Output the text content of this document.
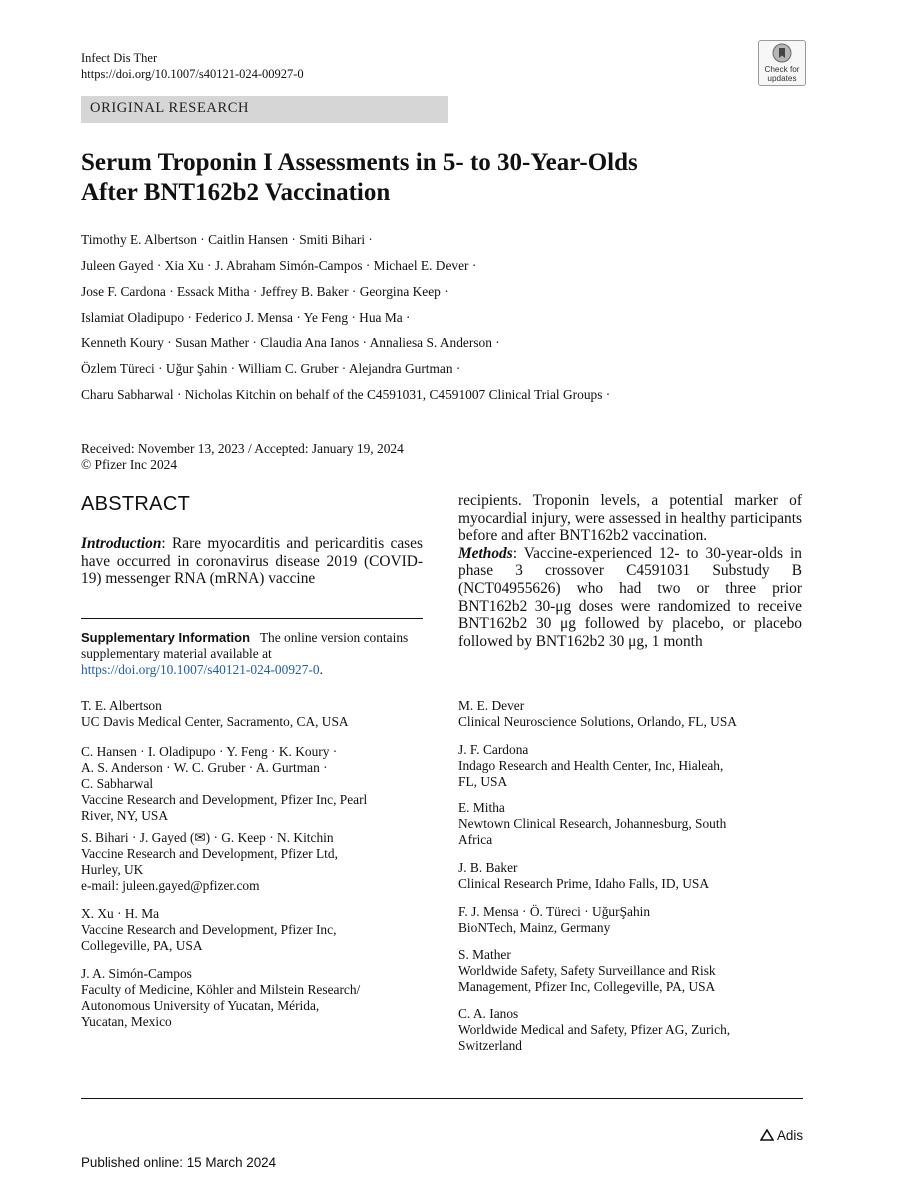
Infect Dis Ther
https://doi.org/10.1007/s40121-024-00927-0	Check for
updates
ORIGINAL RESEARCH
Serum Troponin I Assessments in 5- to 30-Year-Olds
After BNT162b2 Vaccination
Timothy E. Albertson · Caitlin Hansen · Smiti Bihari ·
Juleen Gayed · Xia Xu · J. Abraham Simón-Campos · Michael E. Dever ·
Jose F. Cardona · Essack Mitha · Jeffrey B. Baker · Georgina Keep ·
Islamiat Oladipupo · Federico J. Mensa · Ye Feng · Hua Ma ·
Kenneth Koury · Susan Mather · Claudia Ana Ianos · Annaliesa S. Anderson ·
Özlem Türeci · Uğur Şahin · William C. Gruber · Alejandra Gurtman ·
Charu Sabharwal · Nicholas Kitchin on behalf of the C4591031, C4591007 Clinical Trial Groups ·
Received: November 13, 2023 / Accepted: January 19, 2024
© Pfizer Inc 2024
ABSTRACT
Introduction: Rare myocarditis and pericarditis cases have occurred in coronavirus disease 2019 (COVID-19) messenger RNA (mRNA) vaccine
recipients. Troponin levels, a potential marker of myocardial injury, were assessed in healthy participants before and after BNT162b2 vaccination.
Methods: Vaccine-experienced 12- to 30-year-olds in phase 3 crossover C4591031 Substudy B (NCT04955626) who had two or three prior BNT162b2 30-μg doses were randomized to receive BNT162b2 30 μg followed by placebo, or placebo followed by BNT162b2 30 μg, 1 month
Supplementary Information The online version contains supplementary material available at https://doi.org/10.1007/s40121-024-00927-0.
T. E. Albertson
UC Davis Medical Center, Sacramento, CA, USA
C. Hansen · I. Oladipupo · Y. Feng · K. Koury ·
A. S. Anderson · W. C. Gruber · A. Gurtman ·
C. Sabharwal
Vaccine Research and Development, Pfizer Inc, Pearl
River, NY, USA
S. Bihari · J. Gayed (✉) · G. Keep · N. Kitchin
Vaccine Research and Development, Pfizer Ltd,
Hurley, UK
e-mail: juleen.gayed@pfizer.com
X. Xu · H. Ma
Vaccine Research and Development, Pfizer Inc,
Collegeville, PA, USA
J. A. Simón-Campos
Faculty of Medicine, Köhler and Milstein Research/
Autonomous University of Yucatan, Mérida,
Yucatan, Mexico
M. E. Dever
Clinical Neuroscience Solutions, Orlando, FL, USA
J. F. Cardona
Indago Research and Health Center, Inc, Hialeah,
FL, USA
E. Mitha
Newtown Clinical Research, Johannesburg, South
Africa
J. B. Baker
Clinical Research Prime, Idaho Falls, ID, USA
F. J. Mensa · Ö. Türeci · UğurŞahin
BioNTech, Mainz, Germany
S. Mather
Worldwide Safety, Safety Surveillance and Risk
Management, Pfizer Inc, Collegeville, PA, USA
C. A. Ianos
Worldwide Medical and Safety, Pfizer AG, Zurich,
Switzerland
Adis
Published online: 15 March 2024
